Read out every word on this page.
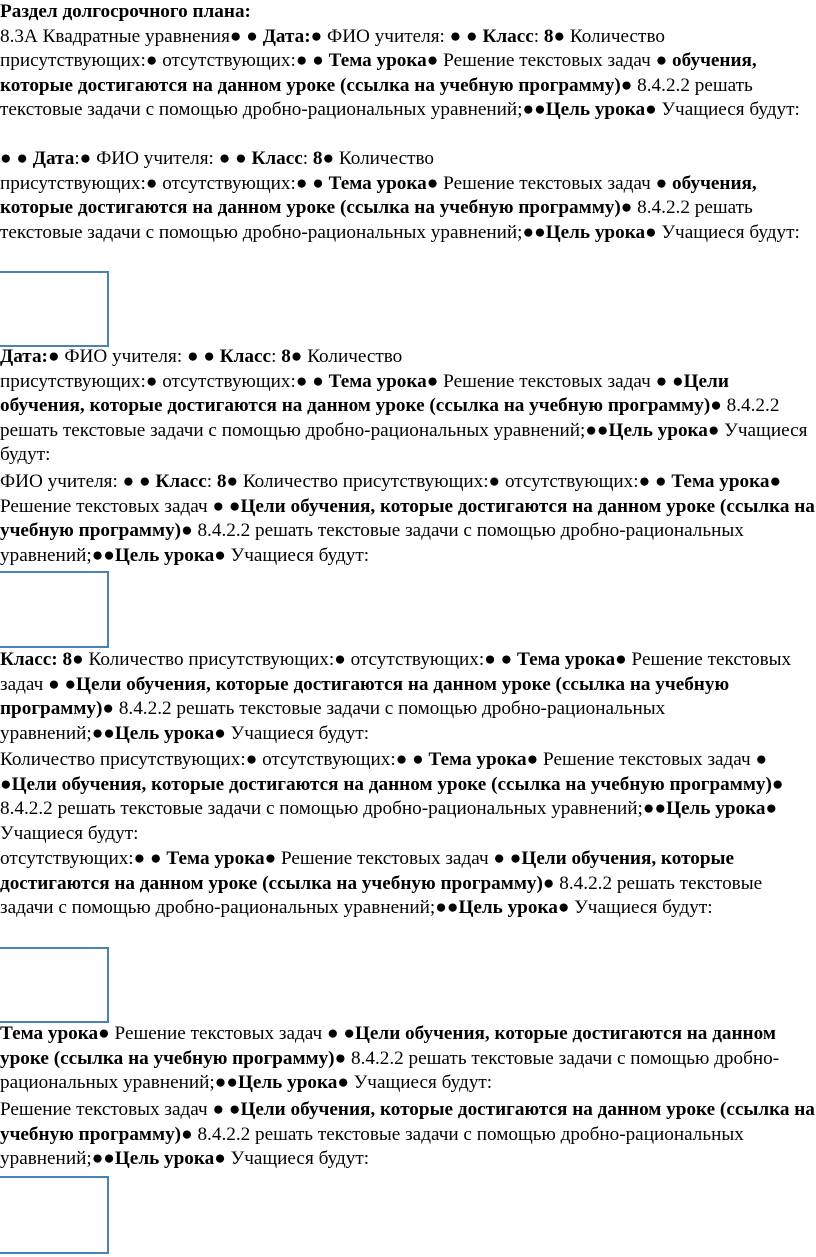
Раздел долгосрочного плана:
8.3А Квадратные уравнения● ● Дата:● ФИО учителя: ● ● Класс: 8● Количество присутствующих:● отсутствующих:● ● Тема урока● Решение текстовых задач ● обучения, которые достигаются на данном уроке (ссылка на учебную программу)● 8.4.2.2 решать текстовые задачи с помощью дробно-рациональных уравнений;●●Цель урока● Учащиеся будут:

● ● Дата:● ФИО учителя: ● ● Класс: 8● Количество
присутствующих:● отсутствующих:● ● Тема урока● Решение текстовых задач ● обучения, которые достигаются на данном уроке (ссылка на учебную программу)● 8.4.2.2 решать текстовые задачи с помощью дробно-рациональных уравнений;●●Цель урока● Учащиеся будут:

Дата:● ФИО учителя: ● ● Класс: 8● Количество
присутствующих:● отсутствующих:● ● Тема урока● Решение текстовых задач ● ●Цели обучения, которые достигаются на данном уроке (ссылка на учебную программу)● 8.4.2.2 решать текстовые задачи с помощью дробно-рациональных уравнений;●●Цель урока● Учащиеся будут:

ФИО учителя: ● ● Класс: 8● Количество присутствующих:● отсутствующих:● ● Тема урока● Решение текстовых задач ● ●Цели обучения, которые достигаются на данном уроке (ссылка на учебную программу)● 8.4.2.2 решать текстовые задачи с помощью дробно-рациональных уравнений;●●Цель урока● Учащиеся будут:

Класс: 8● Количество присутствующих:● отсутствующих:● ● Тема урока● Решение текстовых задач ● ●Цели обучения, которые достигаются на данном уроке (ссылка на учебную программу)● 8.4.2.2 решать текстовые задачи с помощью дробно-рациональных уравнений;●●Цель урока● Учащиеся будут:

Количество присутствующих:● отсутствующих:● ● Тема урока● Решение текстовых задач ● ●Цели обучения, которые достигаются на данном уроке (ссылка на учебную программу)● 8.4.2.2 решать текстовые задачи с помощью дробно-рациональных уравнений;●●Цель урока● Учащиеся будут:

отсутствующих:● ● Тема урока● Решение текстовых задач ● ●Цели обучения, которые достигаются на данном уроке (ссылка на учебную программу)● 8.4.2.2 решать текстовые задачи с помощью дробно-рациональных уравнений;●●Цель урока● Учащиеся будут:

Тема урока● Решение текстовых задач ● ●Цели обучения, которые достигаются на данном уроке (ссылка на учебную программу)● 8.4.2.2 решать текстовые задачи с помощью дробно-рациональных уравнений;●●Цель урока● Учащиеся будут:

Решение текстовых задач ● ●Цели обучения, которые достигаются на данном уроке (ссылка на учебную программу)● 8.4.2.2 решать текстовые задачи с помощью дробно-рациональных уравнений;●●Цель урока● Учащиеся будут:
